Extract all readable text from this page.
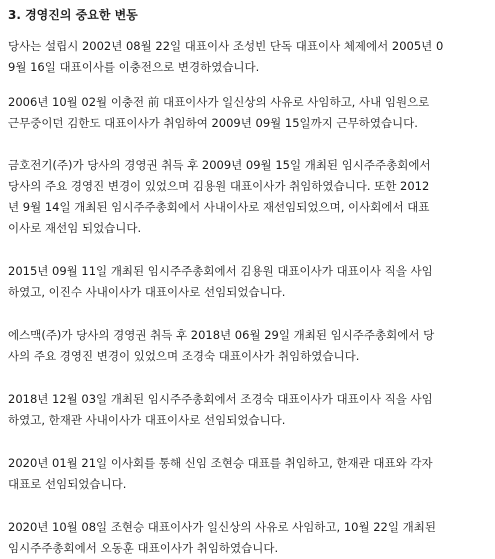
3. 경영진의 중요한 변동
당사는 설립시 2002년 08월 22일 대표이사 조성빈 단독 대표이사 체제에서 2005년 0
9월 16일 대표이사를 이충전으로 변경하였습니다.
2006년 10월 02월 이충전 前 대표이사가 일신상의 사유로 사임하고, 사내 임원으로
근무중이던 김한도 대표이사가 취임하여 2009년 09월 15일까지 근무하였습니다.
금호전기(주)가 당사의 경영권 취득 후 2009년 09월 15일 개최된 임시주주총회에서
당사의 주요 경영진 변경이 있었으며 김용원 대표이사가 취임하였습니다. 또한 2012
년 9월 14일 개최된 임시주주총회에서 사내이사로 재선임되었으며, 이사회에서 대표
이사로 재선임 되었습니다.
2015년 09월 11일 개최된 임시주주총회에서 김용원 대표이사가 대표이사 직을 사임
하였고, 이진수 사내이사가 대표이사로 선임되었습니다.
에스맥(주)가 당사의 경영권 취득 후 2018년 06월 29일 개최된 임시주주총회에서 당
사의 주요 경영진 변경이 있었으며 조경숙 대표이사가 취임하였습니다.
2018년 12월 03일 개최된 임시주주총회에서 조경숙 대표이사가 대표이사 직을 사임
하였고, 한재관 사내이사가 대표이사로 선임되었습니다.
2020년 01월 21일 이사회를 통해 신임 조현승 대표를 취임하고, 한재관 대표와 각자
대표로 선임되었습니다.
2020년 10월 08일 조현승 대표이사가 일신상의 사유로 사임하고, 10월 22일 개최된
임시주주총회에서 오동훈 대표이사가 취임하였습니다.
